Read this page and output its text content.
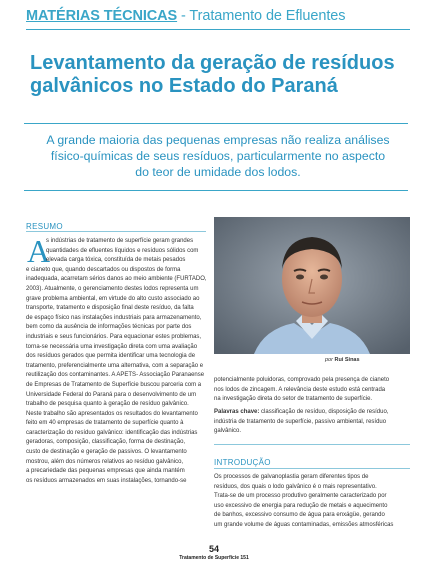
MATÉRIAS TÉCNICAS - Tratamento de Efluentes
Levantamento da geração de resíduos
galvânicos no Estado do Paraná
A grande maioria das pequenas empresas não realiza análises
físico-químicas de seus resíduos, particularmente no aspecto
do teor de umidade dos lodos.
RESUMO
A
s indústrias de tratamento de superfície geram grandes
quantidades de efluentes líquidos e resíduos sólidos com
elevada carga tóxica, constituída de metais pesados
e cianeto que, quando descartados ou dispostos de forma
inadequada, acarretam sérios danos ao meio ambiente (FURTADO,
2003). Atualmente, o gerenciamento destes lodos representa um
grave problema ambiental, em virtude do alto custo associado ao
transporte, tratamento e disposição final deste resíduo, da falta
de espaço físico nas instalações industriais para armazenamento,
bem como da ausência de informações técnicas por parte dos
industriais e seus funcionários. Para equacionar estes problemas,
torna-se necessária uma investigação direta com uma avaliação
dos resíduos gerados que permita identificar uma tecnologia de
tratamento, preferencialmente uma alternativa, com a separação e
reutilização dos contaminantes. A APETS- Associação Paranaense
de Empresas de Tratamento de Superfície buscou parceria com a
Universidade Federal do Paraná para o desenvolvimento de um
trabalho de pesquisa quanto à geração de resíduo galvânico.
Neste trabalho são apresentados os resultados do levantamento
feito em 40 empresas de tratamento de superfície quanto à
caracterização do resíduo galvânico: identificação das indústrias
geradoras, composição, classificação, forma de destinação,
custo de destinação e geração de passivos. O levantamento
mostrou, além dos números relativos ao resíduo galvânico,
a precariedade das pequenas empresas que ainda mantém
os resíduos armazenados em suas instalações, tornando-se
por Rui Sinas
potencialmente poluidoras, comprovado pela presença de cianeto
nos lodos de zincagem. A relevância deste estudo está centrada
na investigação direta do setor de tratamento de superfície.
Palavras chave: classificação de resíduo, disposição de resíduo,
indústria de tratamento de superfície, passivo ambiental, resíduo
galvânico.
INTRODUÇÃO
Os processos de galvanoplastia geram diferentes tipos de
resíduos, dos quais o lodo galvânico é o mais representativo.
Trata-se de um processo produtivo geralmente caracterizado por
uso excessivo de energia para redução de metais e aquecimento
de banhos, excessivo consumo de água para enxágüe, gerando
um grande volume de águas contaminadas, emissões atmosféricas
54
Tratamento de Superfície 151
